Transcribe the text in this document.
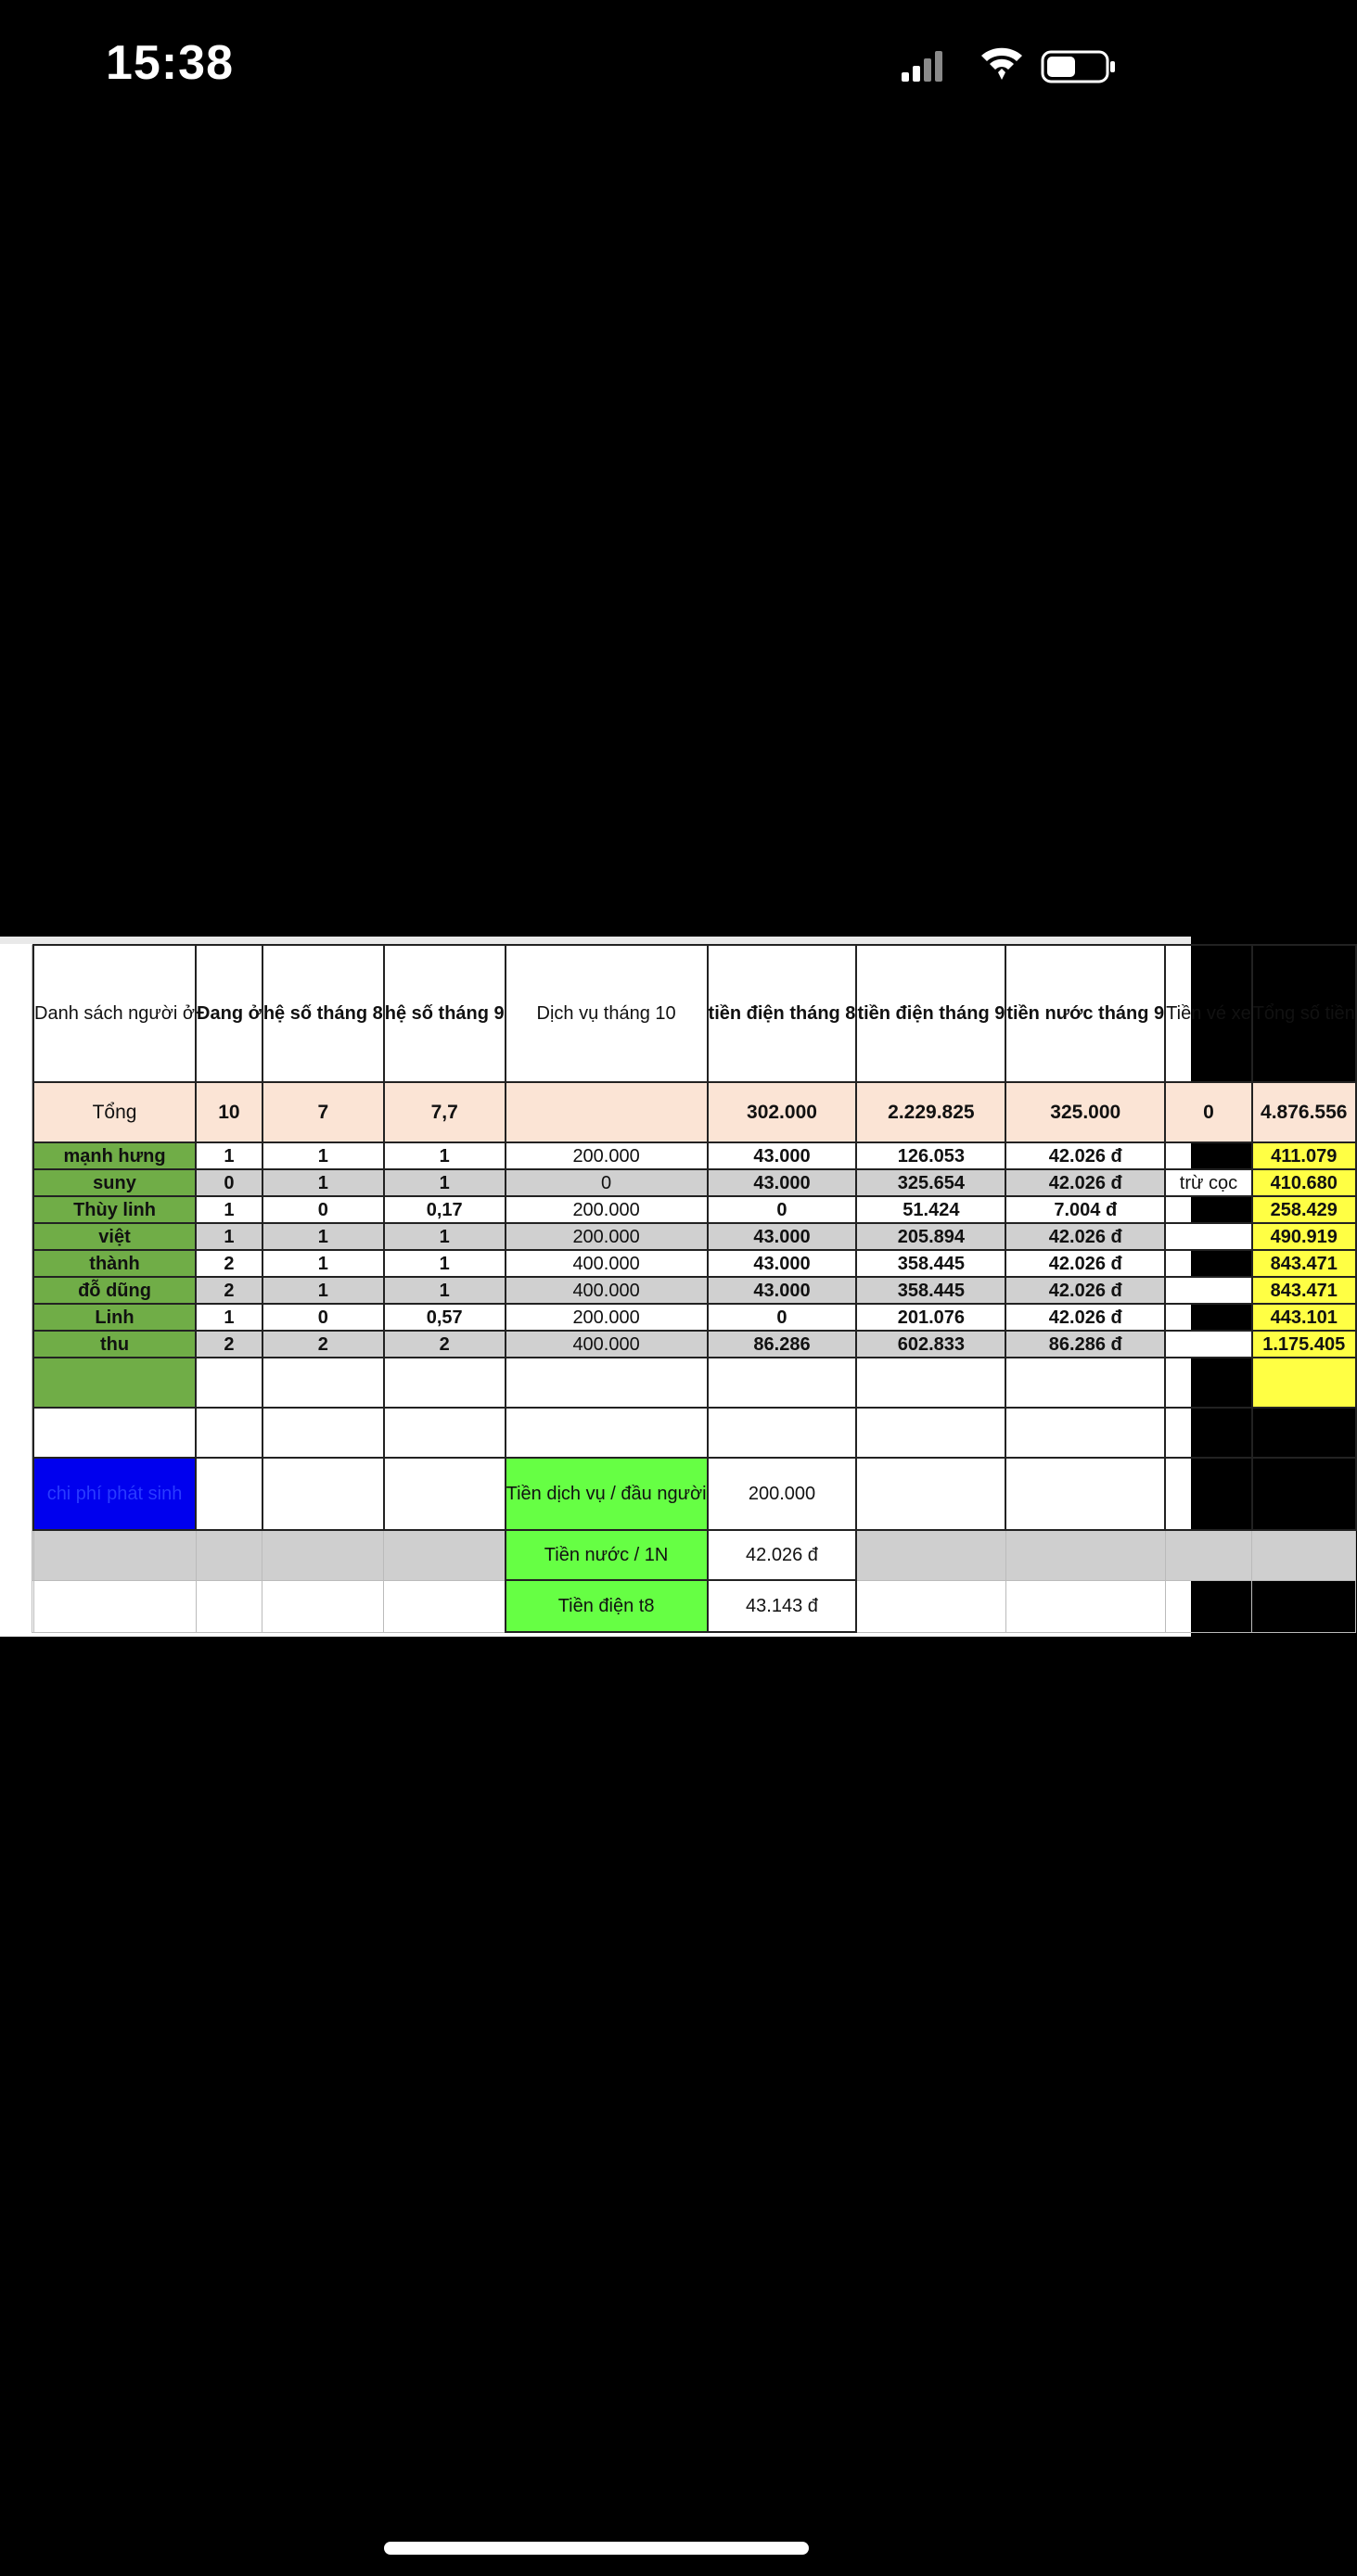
15:38
	Danh sách người ở	Đang ở	hệ số tháng 8	hệ số tháng 9	Dịch vụ tháng 10	tiền điện tháng 8	tiền điện tháng 9	tiền nước tháng 9	Tiền vé xe	Tổng số tiền
	Tổng	10	7	7,7		302.000	2.229.825	325.000	0	4.876.556
	mạnh hưng	1	1	1	200.000	43.000	126.053	42.026 đ		411.079
	suny	0	1	1	0	43.000	325.654	42.026 đ	trừ cọc	410.680
	Thùy linh	1	0	0,17	200.000	0	51.424	7.004 đ		258.429
	việt	1	1	1	200.000	43.000	205.894	42.026 đ		490.919
	thành	2	1	1	400.000	43.000	358.445	42.026 đ		843.471
	đỗ dũng	2	1	1	400.000	43.000	358.445	42.026 đ		843.471
	Linh	1	0	0,57	200.000	0	201.076	42.026 đ		443.101
	thu	2	2	2	400.000	86.286	602.833	86.286 đ		1.175.405

	chi phí phát sinh				Tiền dịch vụ / đầu người	200.000				
					Tiền nước / 1N	42.026 đ				
					Tiền điện t8	43.143 đ				
